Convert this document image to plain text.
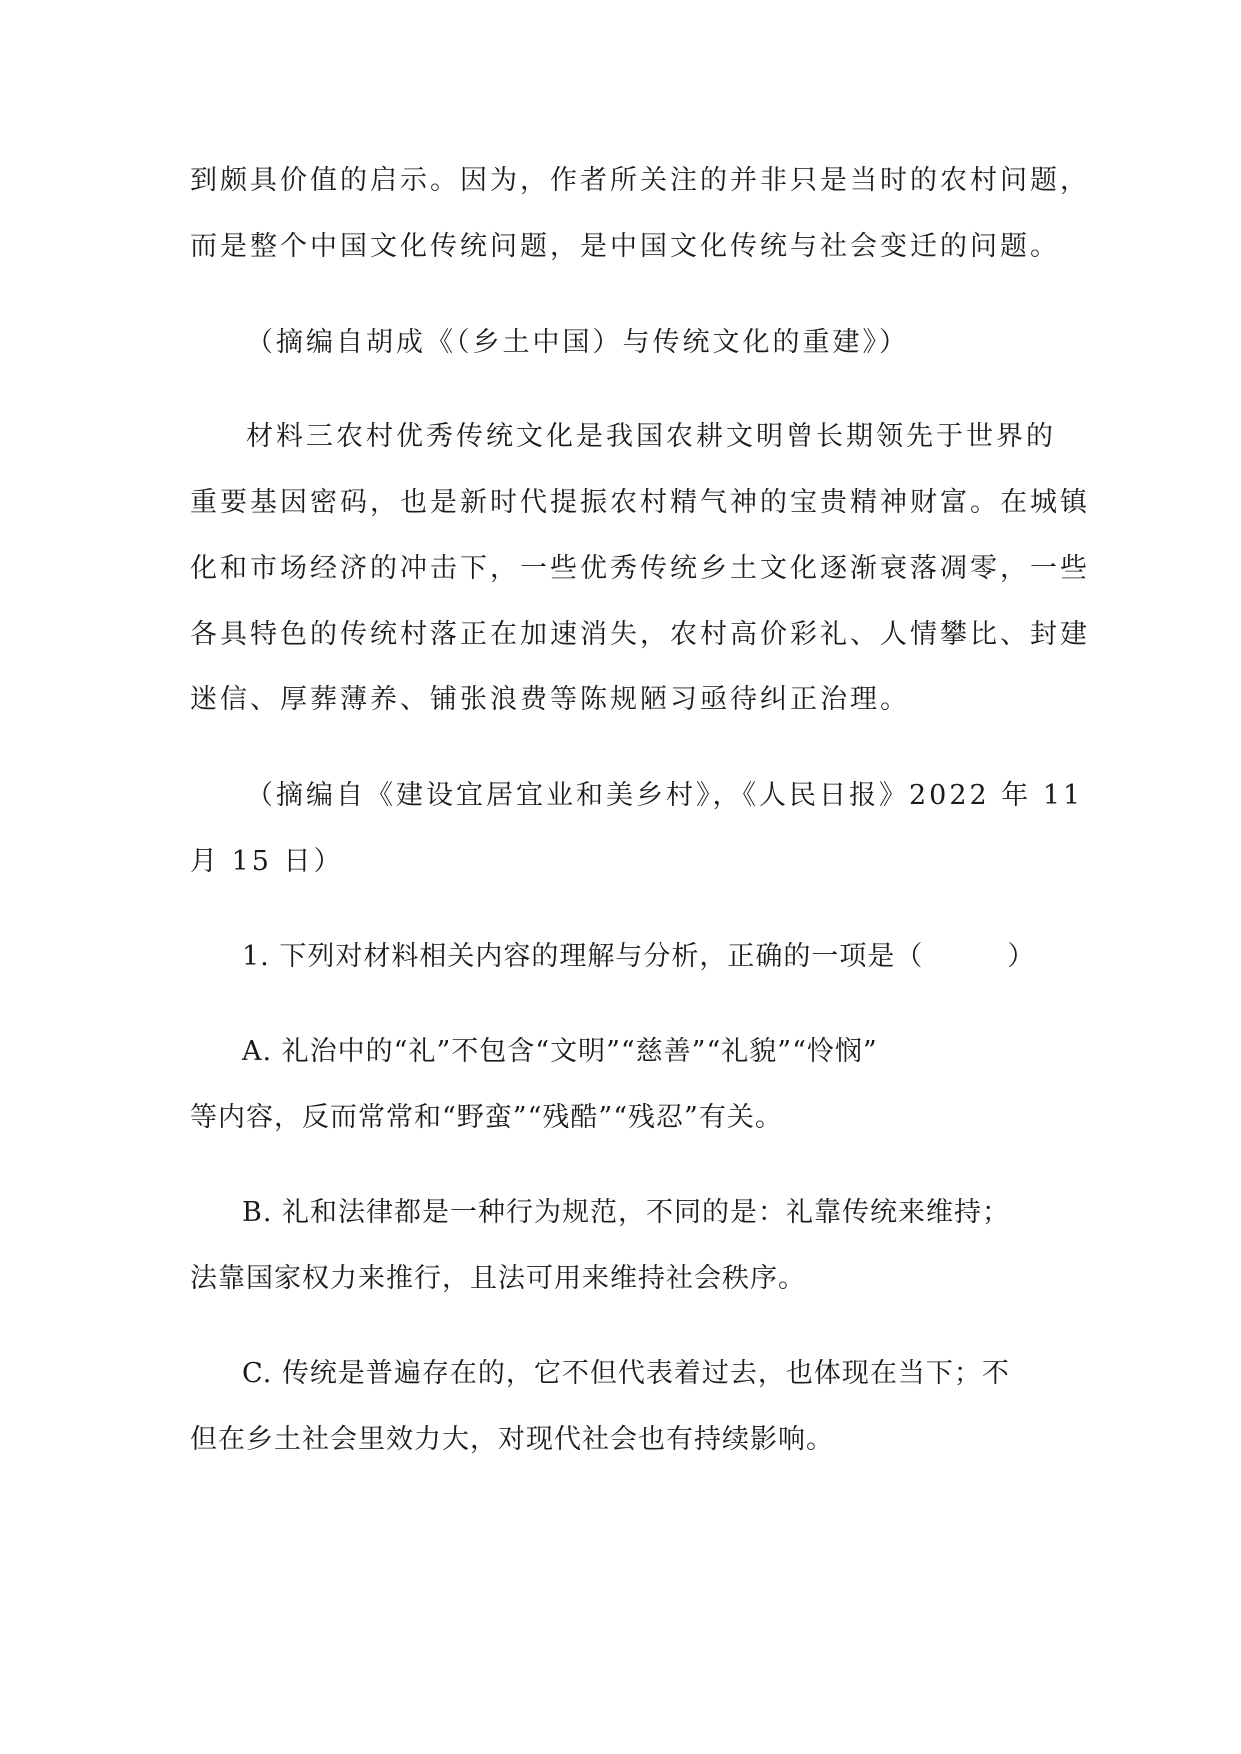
到颇具价值的启示。因为，作者所关注的并非只是当时的农村问题，
而是整个中国文化传统问题，是中国文化传统与社会变迁的问题。
（摘编自胡成《（乡土中国）与传统文化的重建》）
材料三农村优秀传统文化是我国农耕文明曾长期领先于世界的
重要基因密码，也是新时代提振农村精气神的宝贵精神财富。在城镇
化和市场经济的冲击下，一些优秀传统乡土文化逐渐衰落凋零，一些
各具特色的传统村落正在加速消失，农村高价彩礼、人情攀比、封建
迷信、厚葬薄养、铺张浪费等陈规陋习亟待纠正治理。
（摘编自《建设宜居宜业和美乡村》，《人民日报》2022 年 11
月 15 日）
1. 下列对材料相关内容的理解与分析，正确的一项是（　　　）
A. 礼治中的“礼”不包含“文明”“慈善”“礼貌”“怜悯”
等内容，反而常常和“野蛮”“残酷”“残忍”有关。
B. 礼和法律都是一种行为规范，不同的是：礼靠传统来维持；
法靠国家权力来推行，且法可用来维持社会秩序。
C. 传统是普遍存在的，它不但代表着过去，也体现在当下；不
但在乡土社会里效力大，对现代社会也有持续影响。
